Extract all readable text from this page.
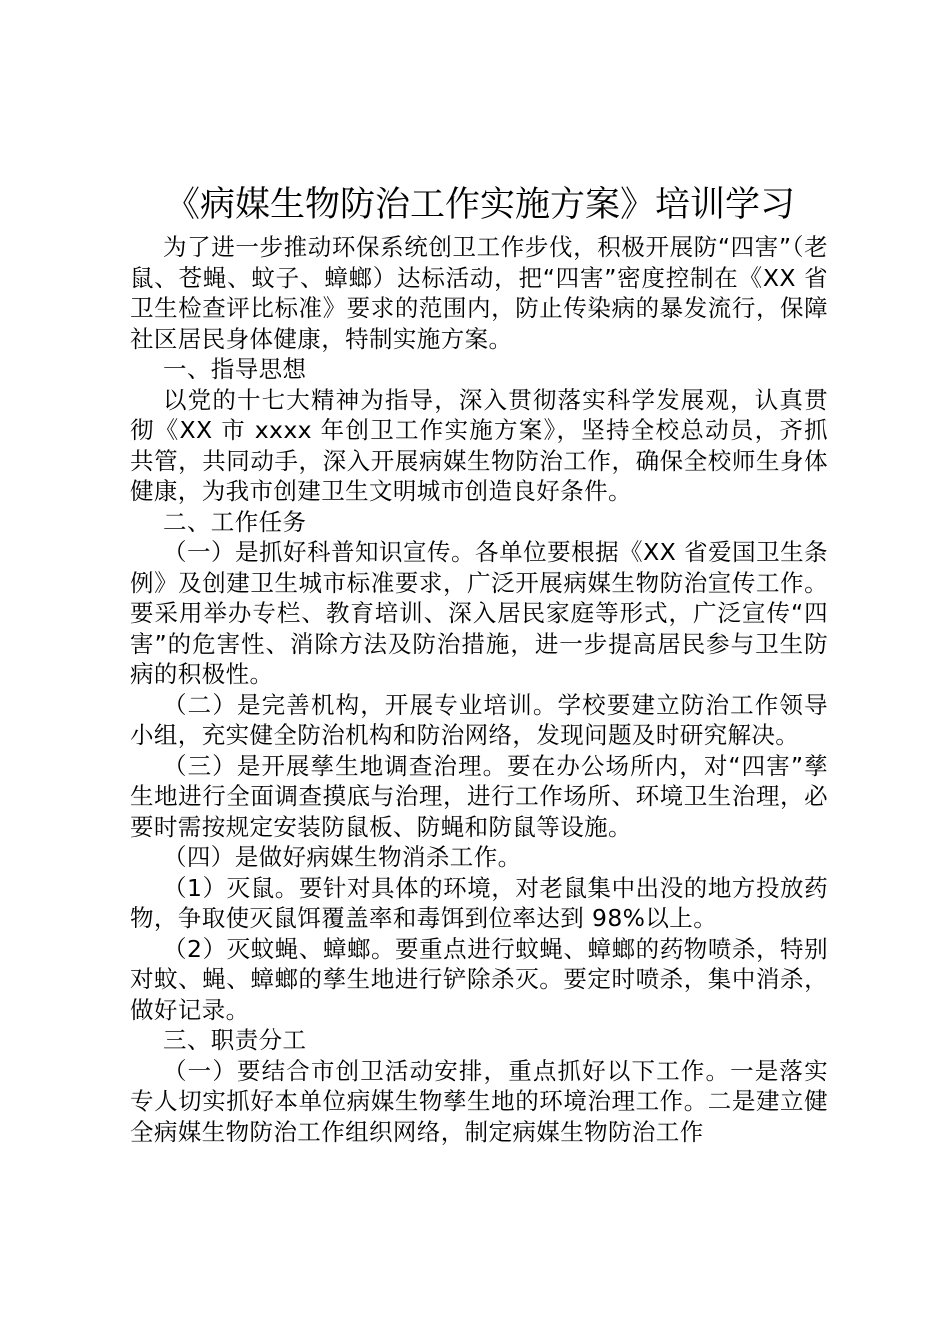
《病媒生物防治工作实施方案》培训学习

为了进一步推动环保系统创卫工作步伐，积极开展防“四害”（老鼠、苍蝇、蚊子、蟑螂）达标活动，把“四害”密度控制在《XX 省卫生检查评比标准》要求的范围内，防止传染病的暴发流行，保障社区居民身体健康，特制实施方案。

一、指导思想

以党的十七大精神为指导，深入贯彻落实科学发展观，认真贯彻《XX 市 xxxx 年创卫工作实施方案》，坚持全校总动员，齐抓共管，共同动手，深入开展病媒生物防治工作，确保全校师生身体健康，为我市创建卫生文明城市创造良好条件。

二、工作任务

（一）是抓好科普知识宣传。各单位要根据《XX 省爱国卫生条例》及创建卫生城市标准要求，广泛开展病媒生物防治宣传工作。要采用举办专栏、教育培训、深入居民家庭等形式，广泛宣传“四害”的危害性、消除方法及防治措施，进一步提高居民参与卫生防病的积极性。

（二）是完善机构，开展专业培训。学校要建立防治工作领导小组，充实健全防治机构和防治网络，发现问题及时研究解决。

（三）是开展孳生地调查治理。要在办公场所内，对“四害”孳生地进行全面调查摸底与治理，进行工作场所、环境卫生治理，必要时需按规定安装防鼠板、防蝇和防鼠等设施。

（四）是做好病媒生物消杀工作。

（1）灭鼠。要针对具体的环境，对老鼠集中出没的地方投放药物，争取使灭鼠饵覆盖率和毒饵到位率达到 98%以上。

（2）灭蚊蝇、蟑螂。要重点进行蚊蝇、蟑螂的药物喷杀，特别对蚊、蝇、蟑螂的孳生地进行铲除杀灭。要定时喷杀，集中消杀，做好记录。

三、职责分工

（一）要结合市创卫活动安排，重点抓好以下工作。一是落实专人切实抓好本单位病媒生物孳生地的环境治理工作。二是建立健全病媒生物防治工作组织网络，制定病媒生物防治工作
